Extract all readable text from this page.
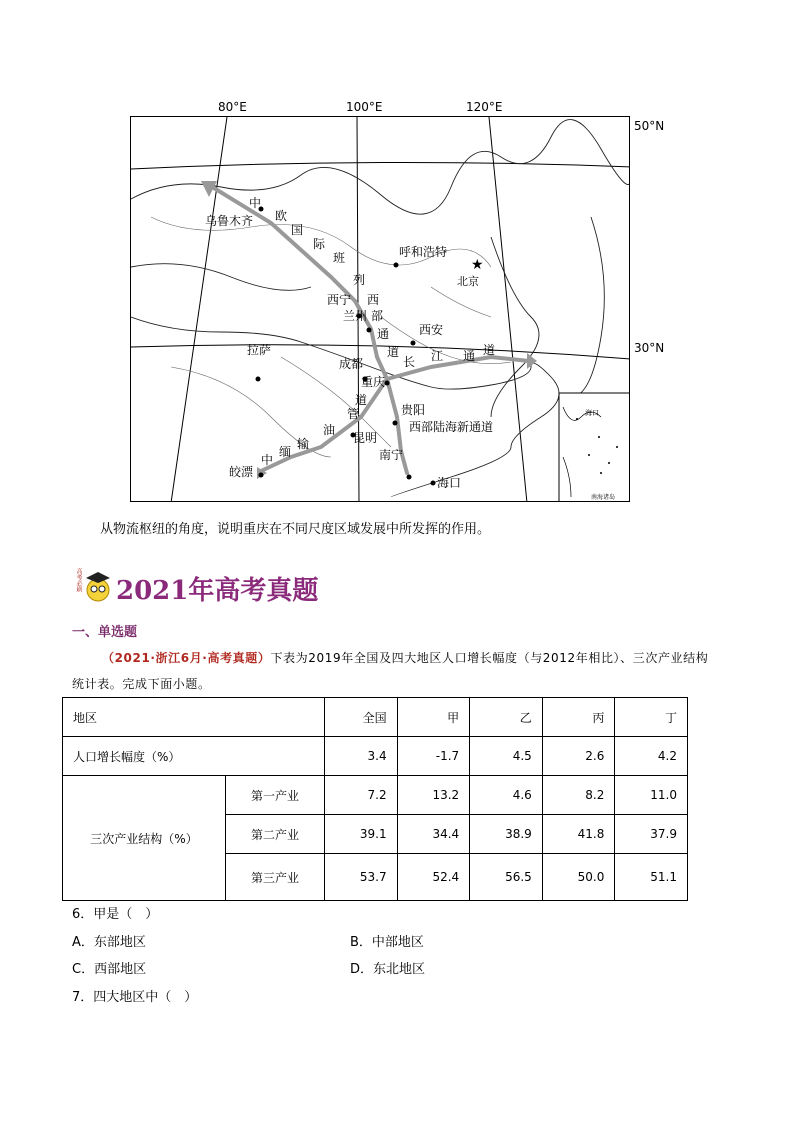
80°E	100°E	120°E
50°N
30°N
★
乌鲁木齐
呼和浩特
北京
西宁
兰州
西安
拉萨
成都
重庆
贵阳
昆明
南宁
海口
皎漂
中
欧
国
际
班
列
西
部
通
道
长 江 通 道
西部陆海新通道
中
缅
输
油
管
道
海口
南海诸岛
从物流枢纽的角度，说明重庆在不同尺度区域发展中所发挥的作用。
高考必刷 2021年高考真题
一、单选题
（2021·浙江6月·高考真题）下表为2019年全国及四大地区人口增长幅度（与2012年相比）、三次产业结构统计表。完成下面小题。
地区		全国	甲	乙	丙	丁
人口增长幅度（%）		3.4	-1.7	4.5	2.6	4.2
三次产业结构（%）	第一产业	7.2	13.2	4.6	8.2	11.0
	第二产业	39.1	34.4	38.9	41.8	37.9
	第三产业	53.7	52.4	56.5	50.0	51.1
6．甲是（　）
A．东部地区	B．中部地区
C．西部地区	D．东北地区
7．四大地区中（　）
